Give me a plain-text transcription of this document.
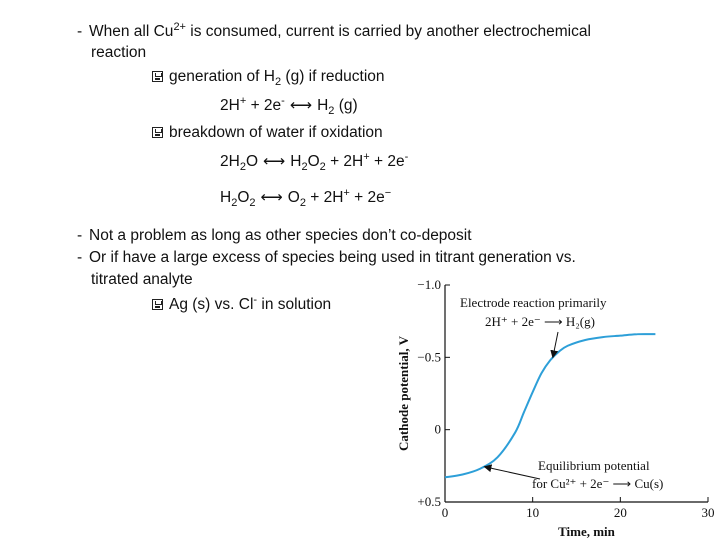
- When all $Cu^{2+}$ is consumed, current is carried by another electrochemical
reaction
generation of $H_2$ (g) if reduction
2H+ + 2e- ⟷ $H_2$ (g)
breakdown of water if oxidation
$2H_2O$ ⟷ $H_2O_2 + 2H^+ + 2e^-$
$H_2O_2$ ⟷ $O_2 + 2H^+ + 2e^-$
- Not a problem as long as other species don’t co-deposit
- Or if have a large excess of species being used in titrant generation vs.
titrated analyte
Ag (s) vs. Cl- in solution
−1.0
−0.5
0
+0.5
0	10	20	30
Time, min
Cathode potential, V
Electrode reaction primarily
2H⁺ + 2e⁻ ⟶ H₂(g)
Equilibrium potential
for Cu²⁺ + 2e⁻ ⟶ Cu(s)
